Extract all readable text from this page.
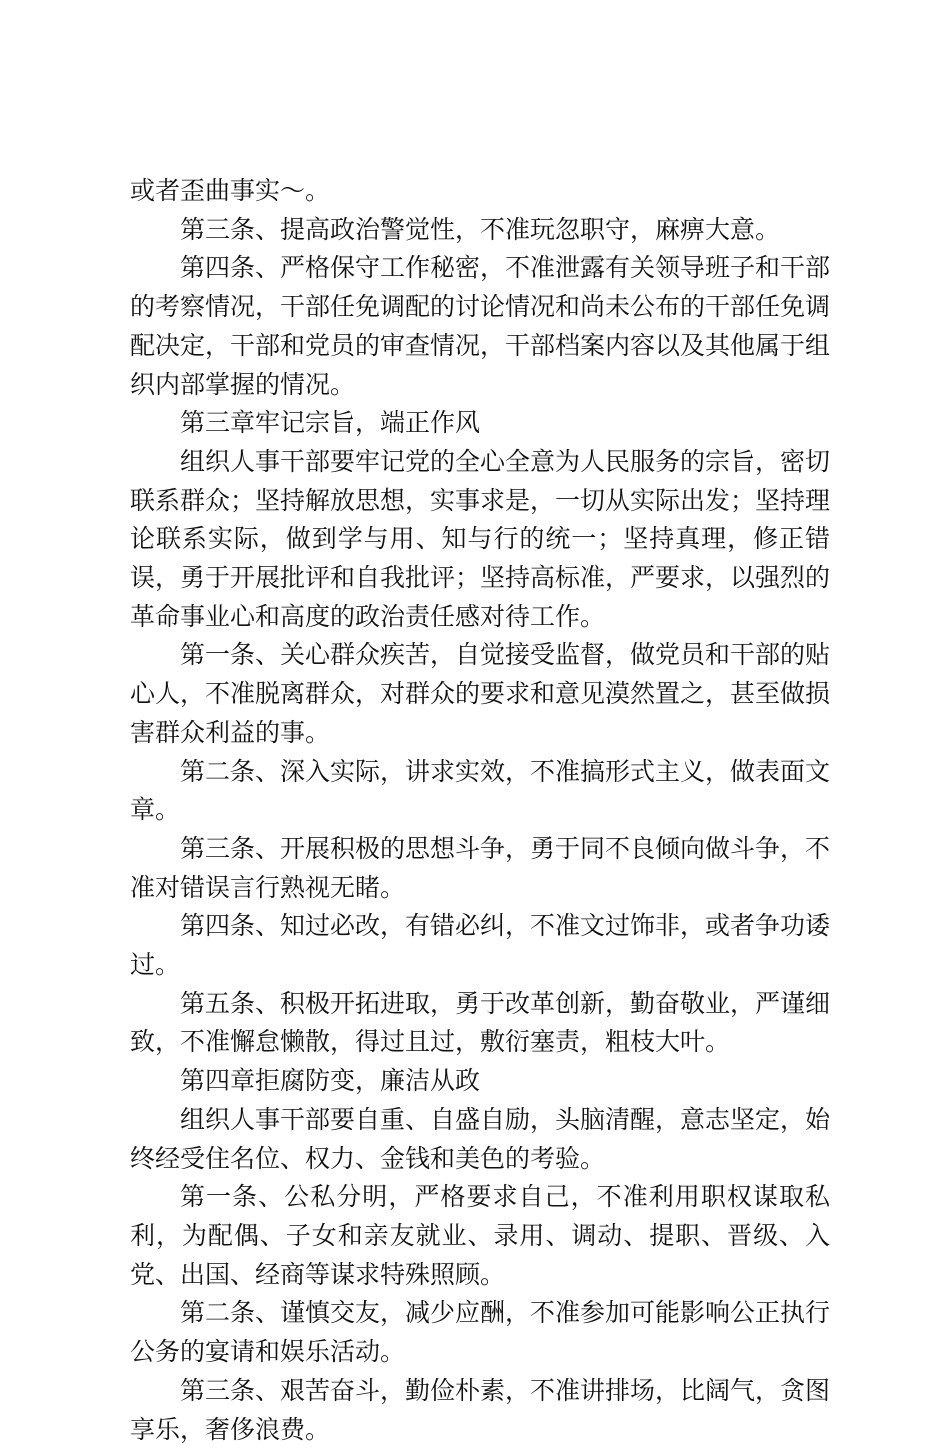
或者歪曲事实～。

第三条、提高政治警觉性，不准玩忽职守，麻痹大意。

第四条、严格保守工作秘密，不准泄露有关领导班子和干部的考察情况，干部任免调配的讨论情况和尚未公布的干部任免调配决定，干部和党员的审查情况，干部档案内容以及其他属于组织内部掌握的情况。

第三章牢记宗旨，端正作风

组织人事干部要牢记党的全心全意为人民服务的宗旨，密切联系群众；坚持解放思想，实事求是，一切从实际出发；坚持理论联系实际，做到学与用、知与行的统一；坚持真理，修正错误，勇于开展批评和自我批评；坚持高标准，严要求，以强烈的革命事业心和高度的政治责任感对待工作。

第一条、关心群众疾苦，自觉接受监督，做党员和干部的贴心人，不准脱离群众，对群众的要求和意见漠然置之，甚至做损害群众利益的事。

第二条、深入实际，讲求实效，不准搞形式主义，做表面文章。

第三条、开展积极的思想斗争，勇于同不良倾向做斗争，不准对错误言行熟视无睹。

第四条、知过必改，有错必纠，不准文过饰非，或者争功诿过。

第五条、积极开拓进取，勇于改革创新，勤奋敬业，严谨细致，不准懈怠懒散，得过且过，敷衍塞责，粗枝大叶。

第四章拒腐防变，廉洁从政

组织人事干部要自重、自盛自励，头脑清醒，意志坚定，始终经受住名位、权力、金钱和美色的考验。

第一条、公私分明，严格要求自己，不准利用职权谋取私利，为配偶、子女和亲友就业、录用、调动、提职、晋级、入党、出国、经商等谋求特殊照顾。

第二条、谨慎交友，减少应酬，不准参加可能影响公正执行公务的宴请和娱乐活动。

第三条、艰苦奋斗，勤俭朴素，不准讲排场，比阔气，贪图享乐，奢侈浪费。
